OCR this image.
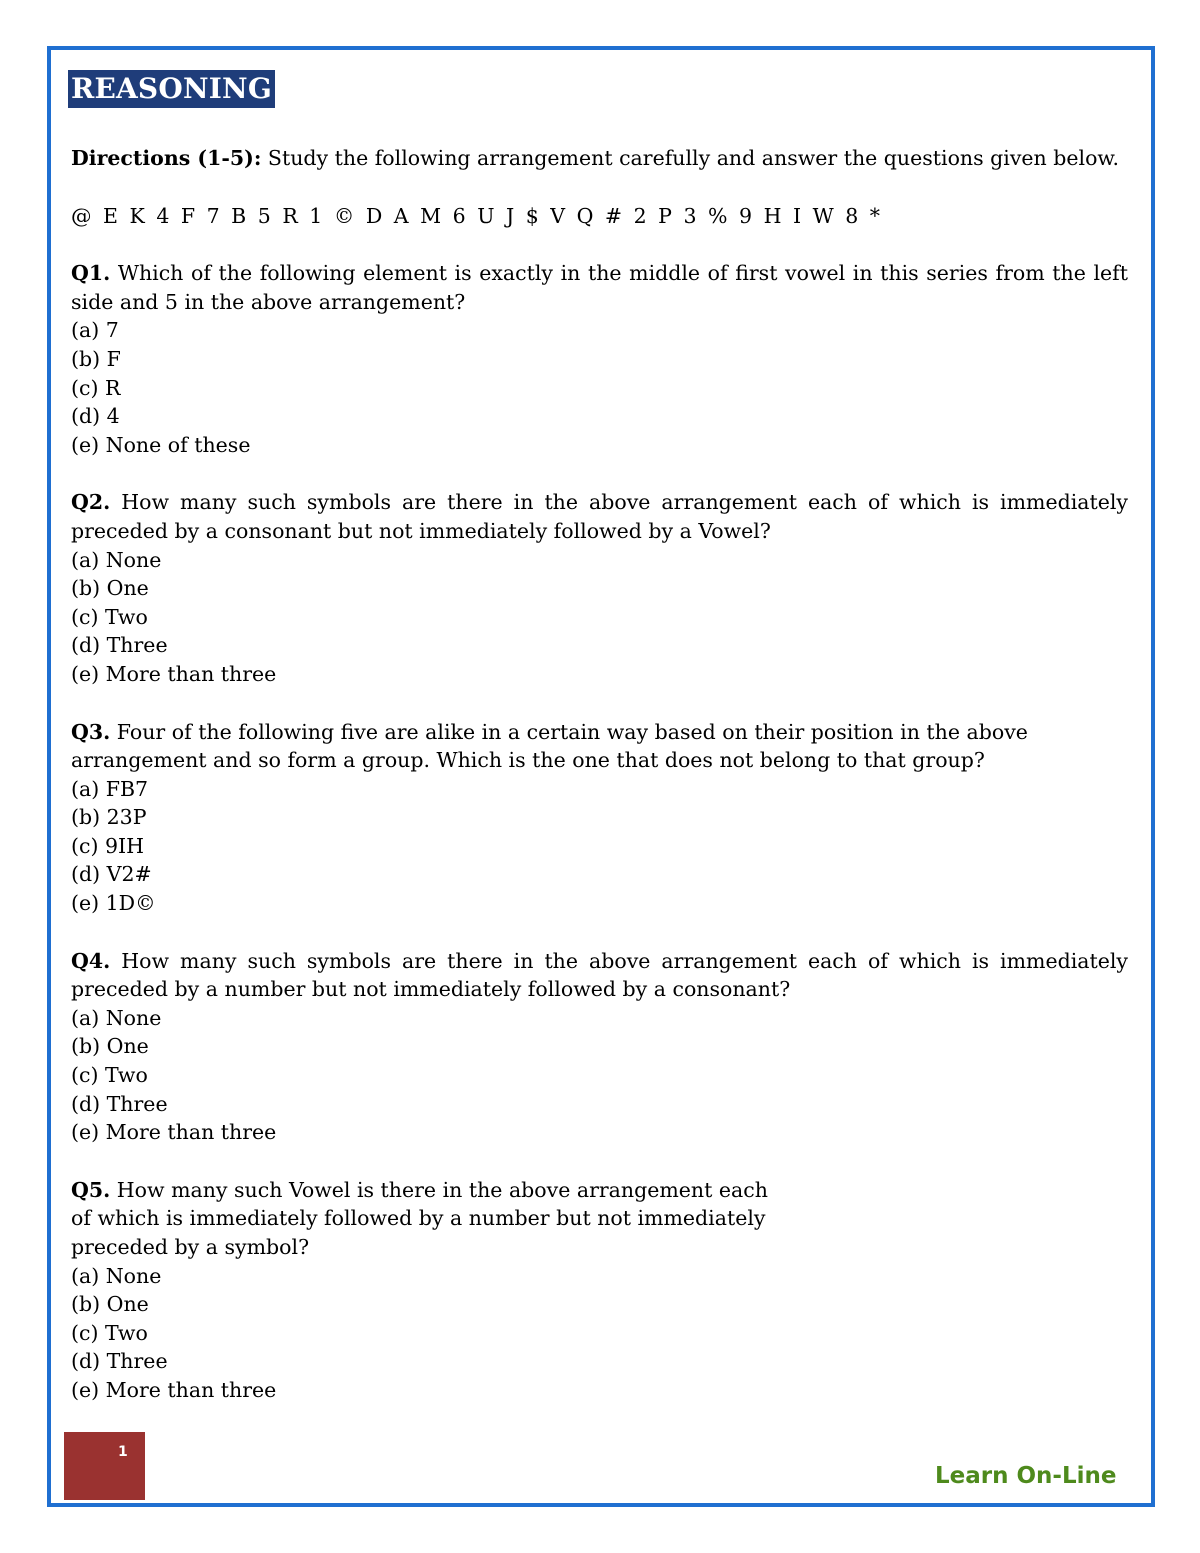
REASONING

Directions (1-5): Study the following arrangement carefully and answer the questions given below.

@ E K 4 F 7 B 5 R 1 © D A M 6 U J $ V Q # 2 P 3 % 9 H I W 8 *

Q1. Which of the following element is exactly in the middle of first vowel in this series from the left side and 5 in the above arrangement?

(a) 7

(b) F

(c) R

(d) 4

(e) None of these

Q2. How many such symbols are there in the above arrangement each of which is immediately preceded by a consonant but not immediately followed by a Vowel?

(a) None

(b) One

(c) Two

(d) Three

(e) More than three

Q3. Four of the following five are alike in a certain way based on their position in the above arrangement and so form a group. Which is the one that does not belong to that group?

(a) FB7

(b) 23P

(c) 9IH

(d) V2#

(e) 1D©

Q4. How many such symbols are there in the above arrangement each of which is immediately preceded by a number but not immediately followed by a consonant?

(a) None

(b) One

(c) Two

(d) Three

(e) More than three

Q5. How many such Vowel is there in the above arrangement each

of which is immediately followed by a number but not immediately

preceded by a symbol?

(a) None

(b) One

(c) Two

(d) Three

(e) More than three

1
Learn On-Line
